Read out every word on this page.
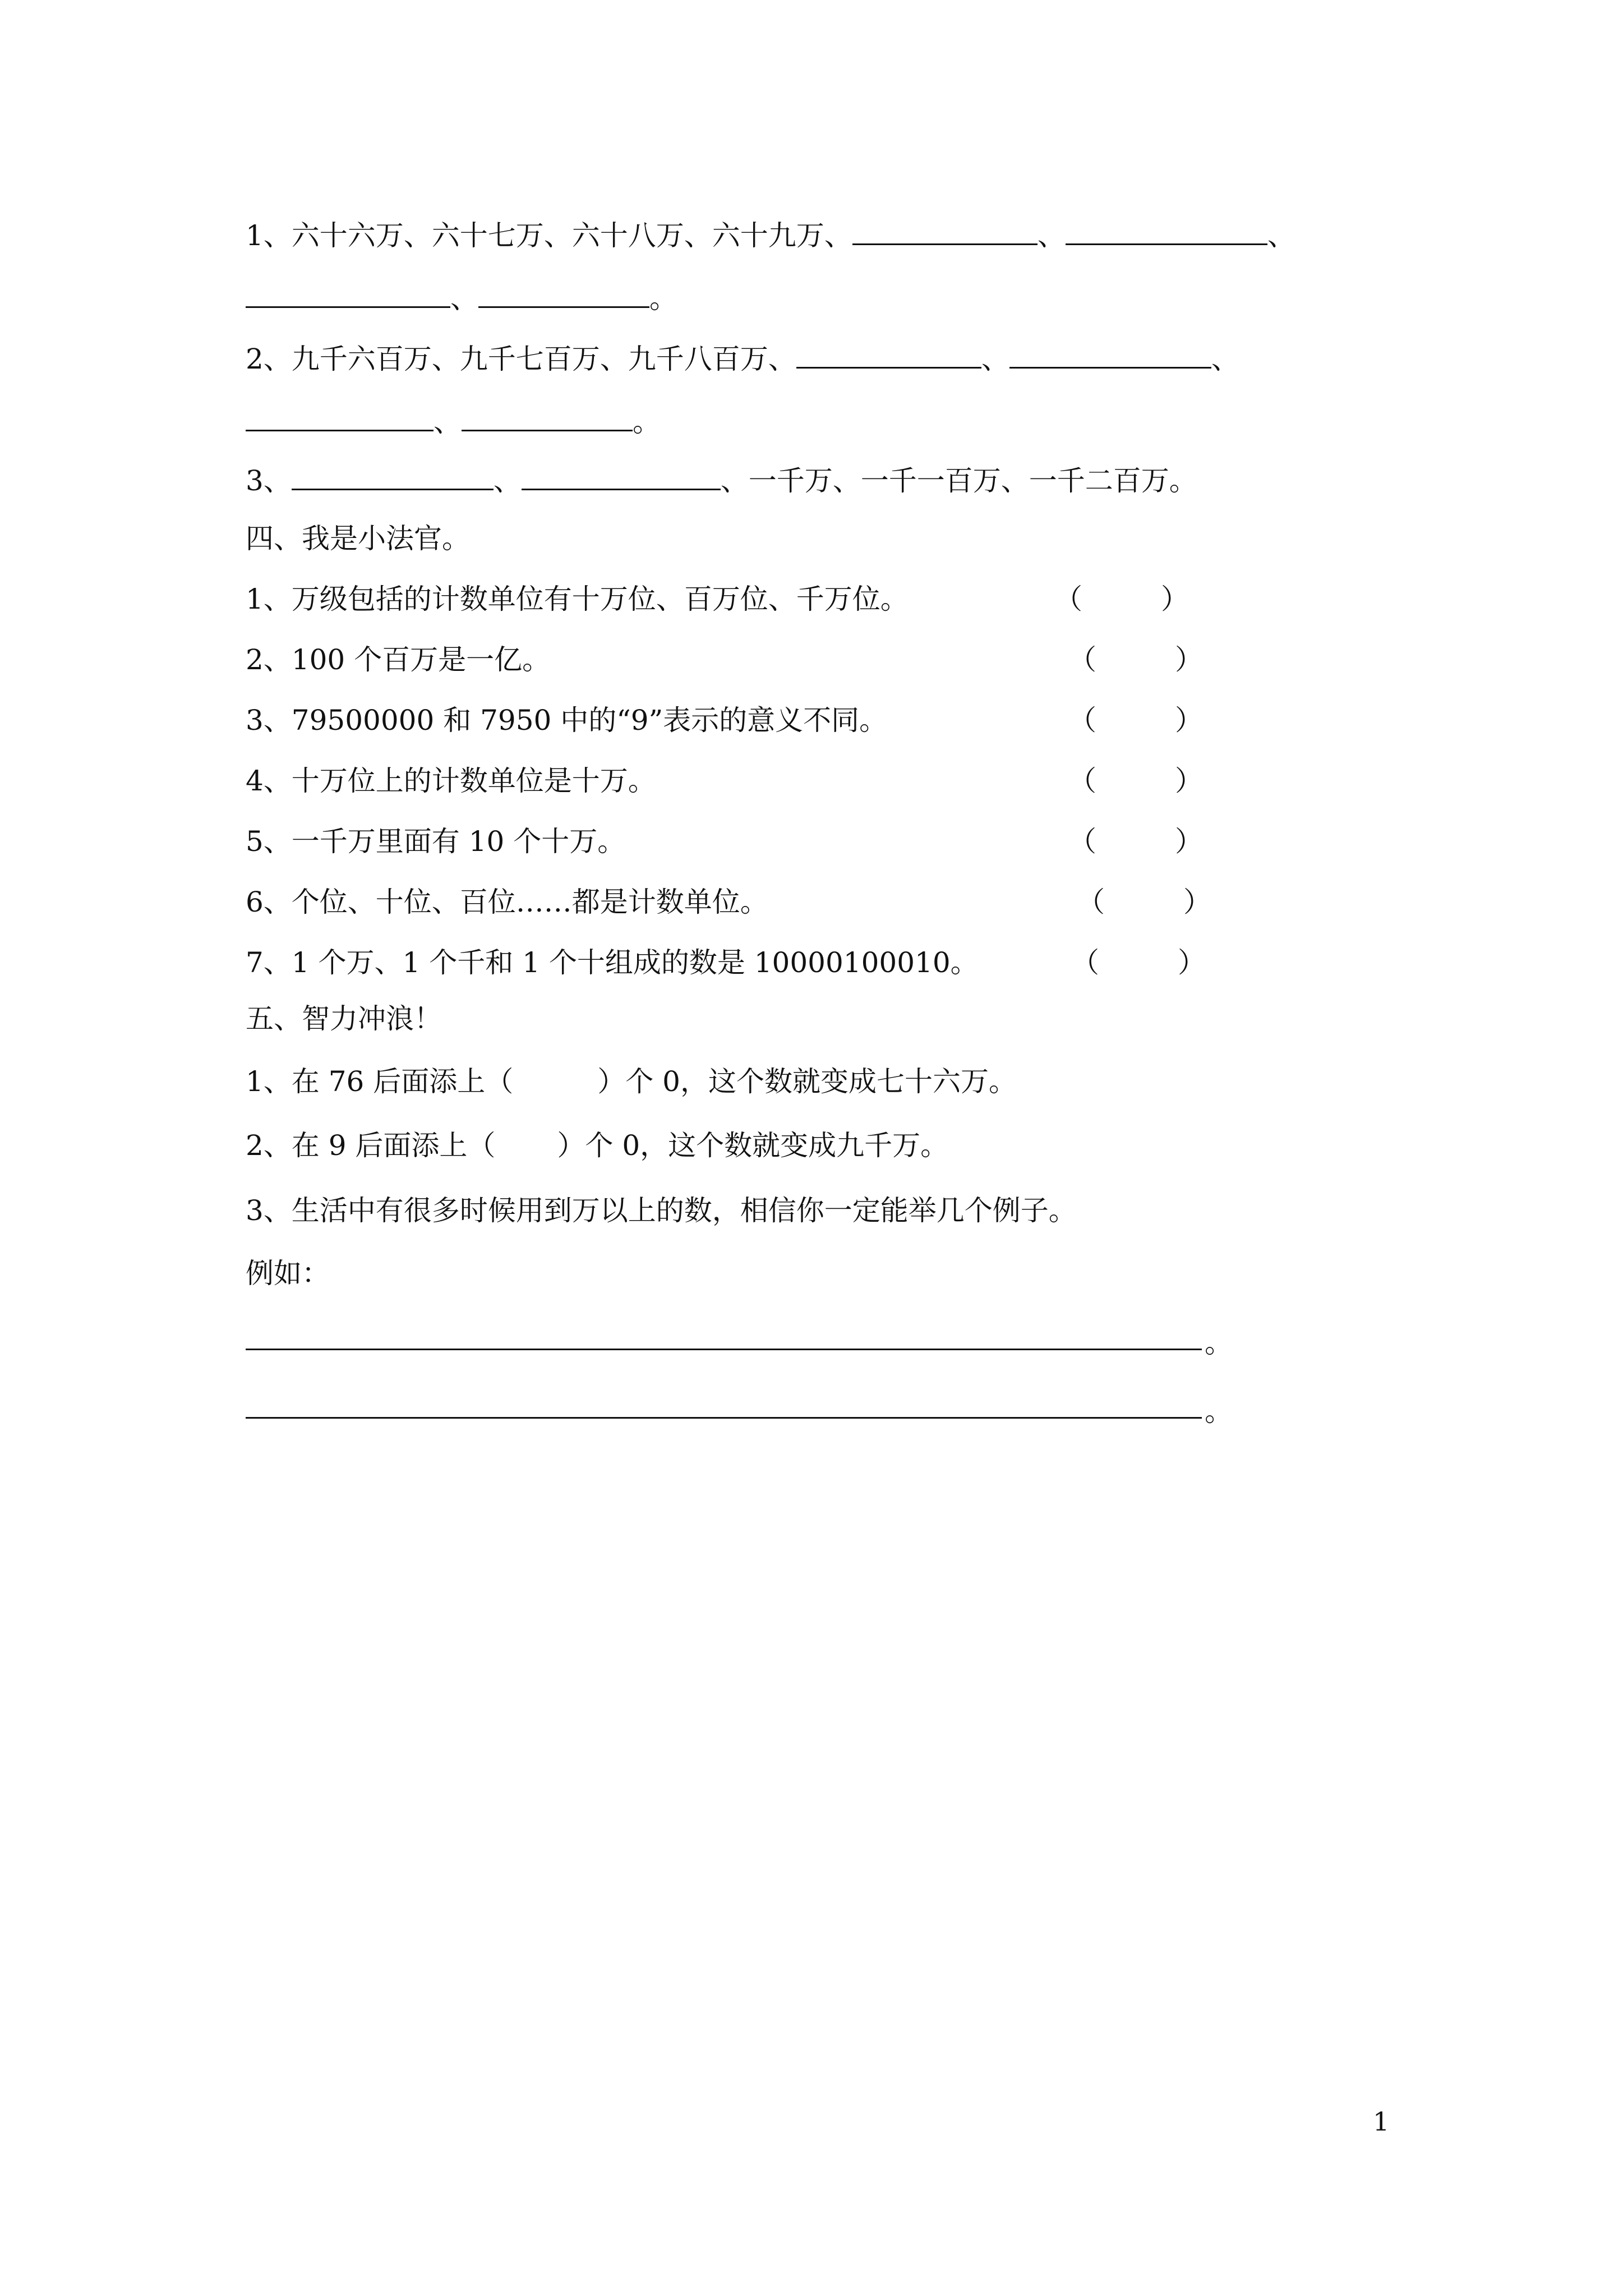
1、六十六万、六十七万、六十八万、六十九万、	、	、
、	。
2、九千六百万、九千七百万、九千八百万、	、	、
、	。
3、	、	、一千万、一千一百万、一千二百万。
四、我是小法官。
1、万级包括的计数单位有十万位、百万位、千万位。	（	）
2、100 个百万是一亿。	（	）
3、79500000 和 7950 中的“9”表示的意义不同。	（	）
4、十万位上的计数单位是十万。	（	）
5、一千万里面有 10 个十万。	（	）
6、个位、十位、百位……都是计数单位。	（	）
7、1 个万、1 个千和 1 个十组成的数是 10000100010。	（	）
五、智力冲浪！
1、在 76 后面添上（	）个 0，这个数就变成七十六万。
2、在 9 后面添上（ ）个 0，这个数就变成九千万。
3、生活中有很多时候用到万以上的数，相信你一定能举几个例子。
例如：
。
。
1
